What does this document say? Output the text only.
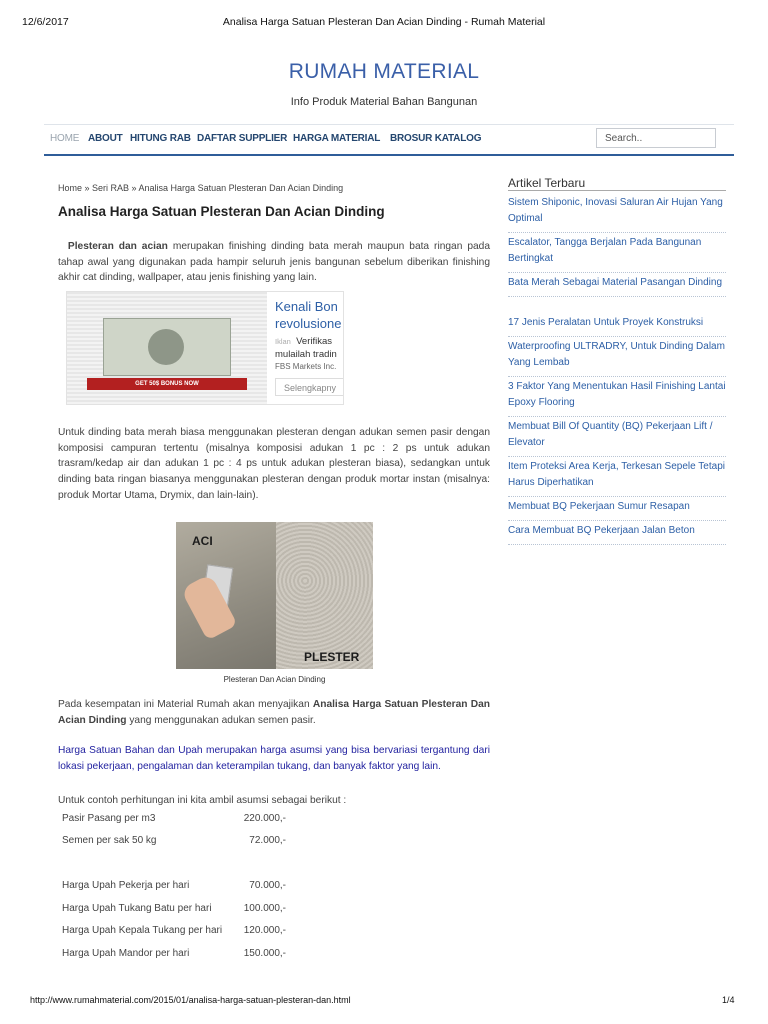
12/6/2017	Analisa Harga Satuan Plesteran Dan Acian Dinding - Rumah Material
RUMAH MATERIAL
Info Produk Material Bahan Bangunan
HOME ABOUT HITUNG RAB DAFTAR SUPPLIER HARGA MATERIAL BROSUR KATALOG	Search..
Home » Seri RAB » Analisa Harga Satuan Plesteran Dan Acian Dinding
Analisa Harga Satuan Plesteran Dan Acian Dinding
Plesteran dan acian merupakan finishing dinding bata merah maupun bata ringan pada tahap awal yang digunakan pada hampir seluruh jenis bangunan sebelum diberikan finishing akhir cat dinding, wallpaper, atau jenis finishing yang lain.
GET 50$ BONUS NOW
Kenali Bon
revolusione
Iklan Verifikas
mulailah tradin
FBS Markets Inc.
Selengkapny
Untuk dinding bata merah biasa menggunakan plesteran dengan adukan semen pasir dengan komposisi campuran tertentu (misalnya komposisi adukan 1 pc : 2 ps untuk adukan trasram/kedap air dan adukan 1 pc : 4 ps untuk adukan plesteran biasa), sedangkan untuk dinding bata ringan biasanya menggunakan plesteran dengan produk mortar instan (misalnya: produk Mortar Utama, Drymix, dan lain-lain).
ACI
PLESTER
Plesteran Dan Acian Dinding
Pada kesempatan ini Material Rumah akan menyajikan Analisa Harga Satuan Plesteran Dan Acian Dinding yang menggunakan adukan semen pasir.
Harga Satuan Bahan dan Upah merupakan harga asumsi yang bisa bervariasi tergantung dari lokasi pekerjaan, pengalaman dan keterampilan tukang, dan banyak faktor yang lain.
Untuk contoh perhitungan ini kita ambil asumsi sebagai berikut :
Pasir Pasang per m3	220.000,-
Semen per sak 50 kg	72.000,-
Harga Upah Pekerja per hari	70.000,-
Harga Upah Tukang Batu per hari	100.000,-
Harga Upah Kepala Tukang per hari 120.000,-
Harga Upah Mandor per hari	150.000,-
Artikel Terbaru
Sistem Shiponic, Inovasi Saluran Air Hujan Yang Optimal
Escalator, Tangga Berjalan Pada Bangunan Bertingkat
Bata Merah Sebagai Material Pasangan Dinding
17 Jenis Peralatan Untuk Proyek Konstruksi
Waterproofing ULTRADRY, Untuk Dinding Dalam Yang Lembab
3 Faktor Yang Menentukan Hasil Finishing Lantai Epoxy Flooring
Membuat Bill Of Quantity (BQ) Pekerjaan Lift / Elevator
Item Proteksi Area Kerja, Terkesan Sepele Tetapi Harus Diperhatikan
Membuat BQ Pekerjaan Sumur Resapan
Cara Membuat BQ Pekerjaan Jalan Beton
http://www.rumahmaterial.com/2015/01/analisa-harga-satuan-plesteran-dan.html	1/4
